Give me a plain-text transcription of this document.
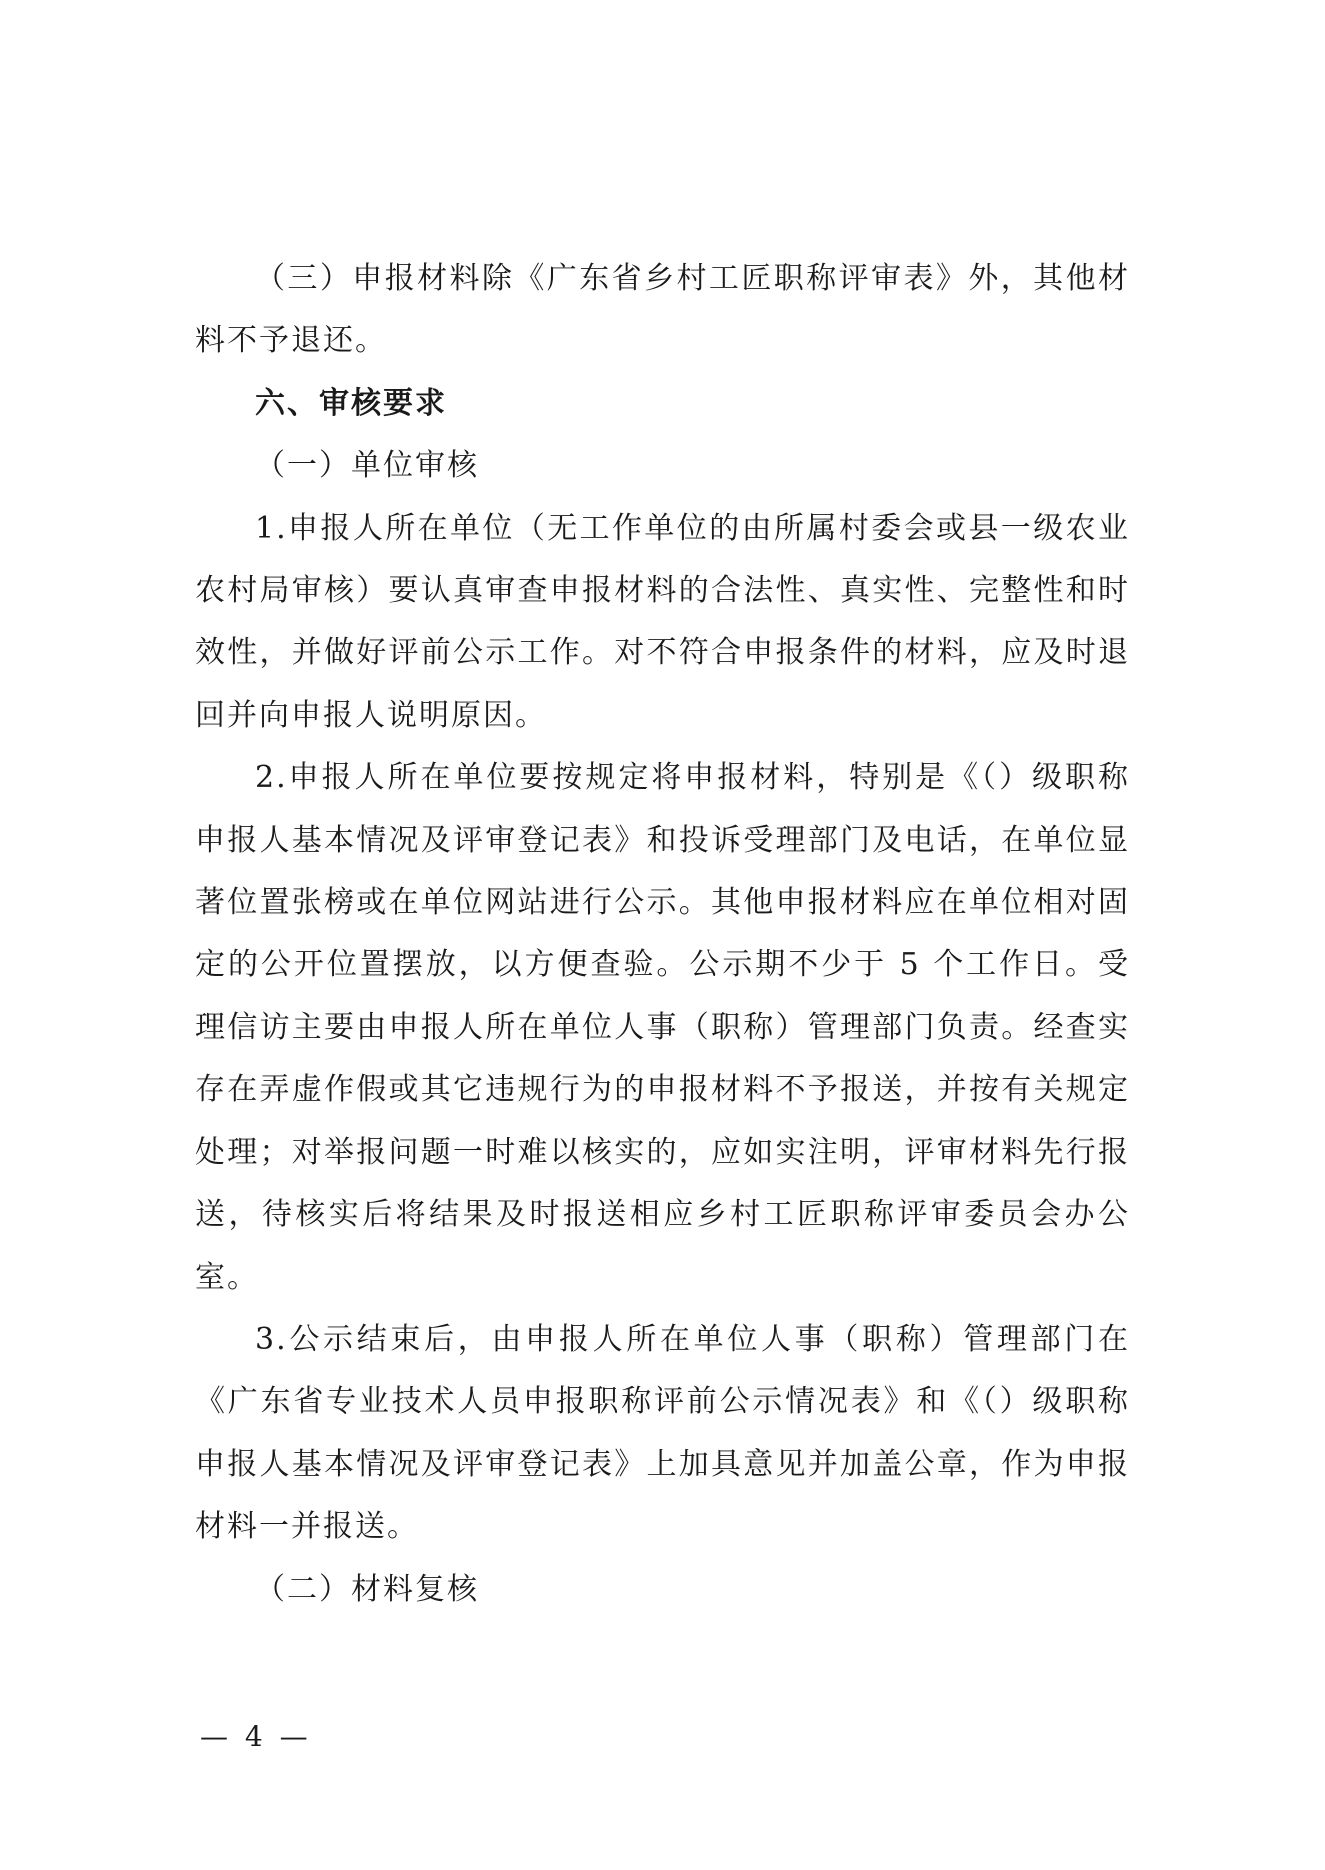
（三）申报材料除《广东省乡村工匠职称评审表》外，其他材料不予退还。

六、审核要求

（一）单位审核

1.申报人所在单位（无工作单位的由所属村委会或县一级农业农村局审核）要认真审查申报材料的合法性、真实性、完整性和时效性，并做好评前公示工作。对不符合申报条件的材料，应及时退回并向申报人说明原因。

2.申报人所在单位要按规定将申报材料，特别是《（）级职称申报人基本情况及评审登记表》和投诉受理部门及电话，在单位显著位置张榜或在单位网站进行公示。其他申报材料应在单位相对固定的公开位置摆放，以方便查验。公示期不少于 5 个工作日。受理信访主要由申报人所在单位人事（职称）管理部门负责。经查实存在弄虚作假或其它违规行为的申报材料不予报送，并按有关规定处理；对举报问题一时难以核实的，应如实注明，评审材料先行报送，待核实后将结果及时报送相应乡村工匠职称评审委员会办公室。

3.公示结束后，由申报人所在单位人事（职称）管理部门在《广东省专业技术人员申报职称评前公示情况表》和《（）级职称申报人基本情况及评审登记表》上加具意见并加盖公章，作为申报材料一并报送。

（二）材料复核

— 4 —
